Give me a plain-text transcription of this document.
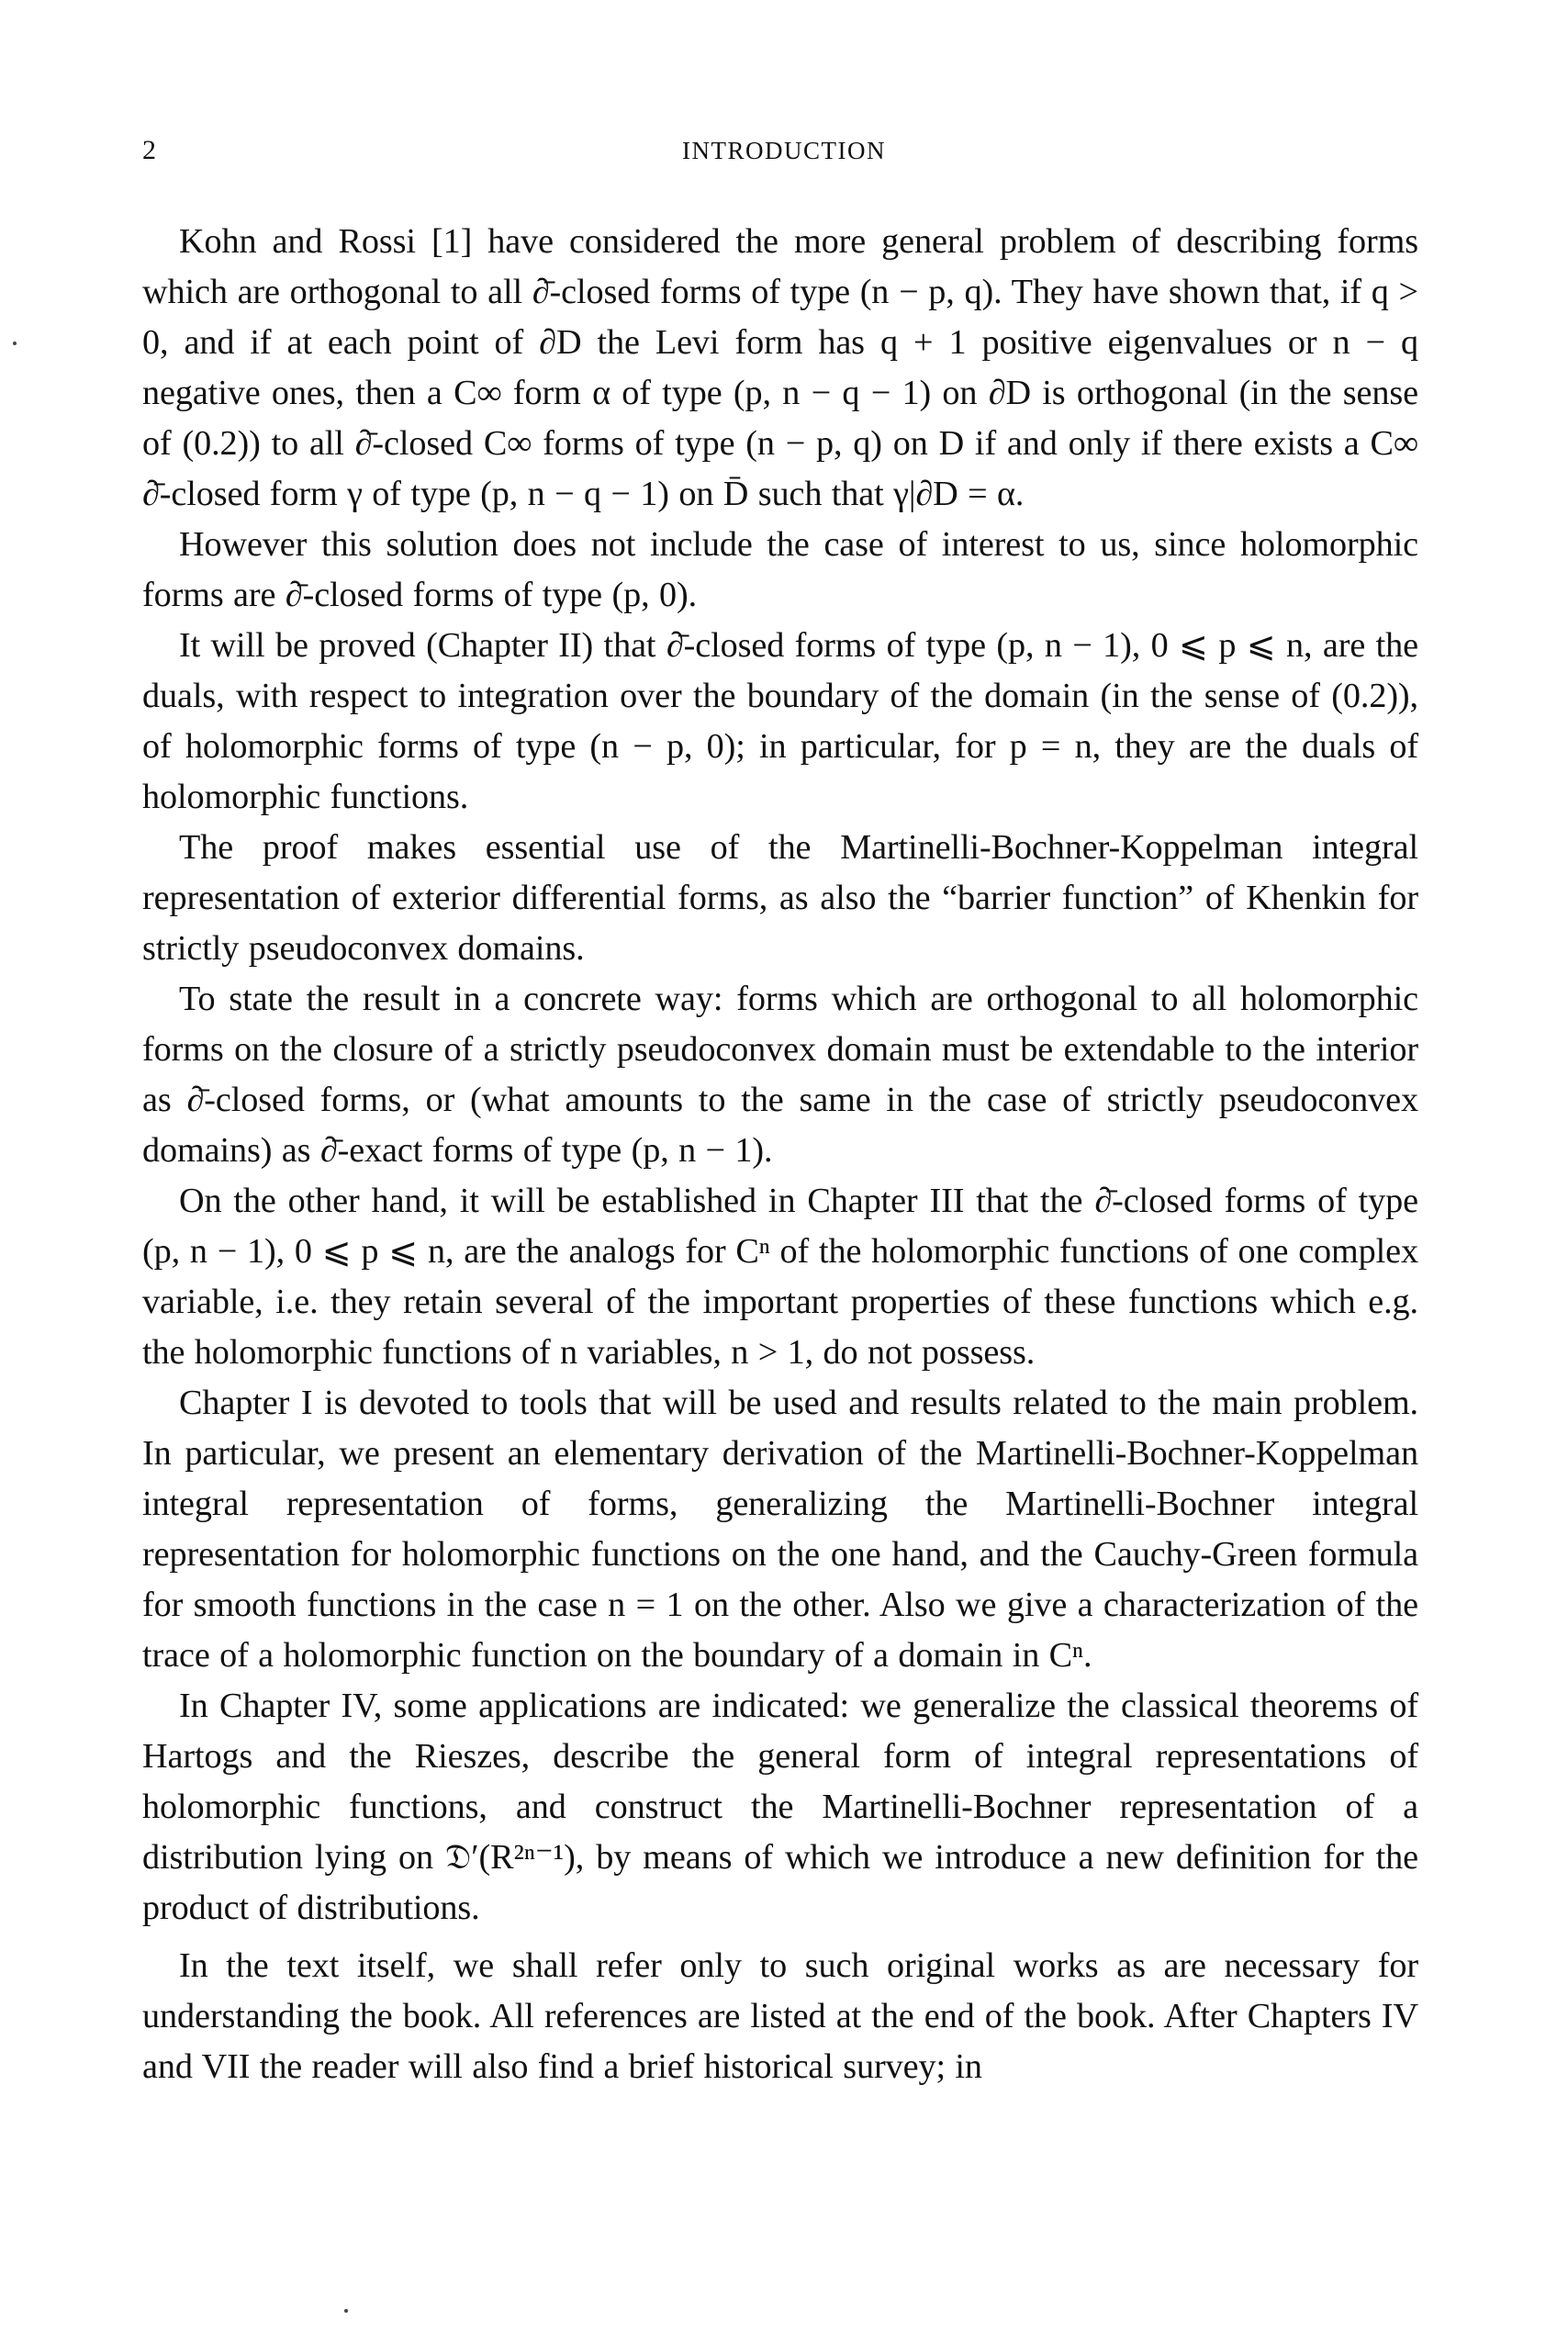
2	INTRODUCTION

Kohn and Rossi [1] have considered the more general problem of describing forms which are orthogonal to all ∂̄-closed forms of type (n − p, q). They have shown that, if q > 0, and if at each point of ∂D the Levi form has q + 1 positive eigenvalues or n − q negative ones, then a C∞ form α of type (p, n − q − 1) on ∂D is orthogonal (in the sense of (0.2)) to all ∂̄-closed C∞ forms of type (n − p, q) on D if and only if there exists a C∞ ∂̄-closed form γ of type (p, n − q − 1) on D̄ such that γ|∂D = α.

However this solution does not include the case of interest to us, since holomorphic forms are ∂̄-closed forms of type (p, 0).

It will be proved (Chapter II) that ∂̄-closed forms of type (p, n − 1), 0 ⩽ p ⩽ n, are the duals, with respect to integration over the boundary of the domain (in the sense of (0.2)), of holomorphic forms of type (n − p, 0); in particular, for p = n, they are the duals of holomorphic functions.

The proof makes essential use of the Martinelli-Bochner-Koppelman integral representation of exterior differential forms, as also the “barrier function” of Khenkin for strictly pseudoconvex domains.

To state the result in a concrete way: forms which are orthogonal to all holomorphic forms on the closure of a strictly pseudoconvex domain must be extendable to the interior as ∂̄-closed forms, or (what amounts to the same in the case of strictly pseudoconvex domains) as ∂̄-exact forms of type (p, n − 1).

On the other hand, it will be established in Chapter III that the ∂̄-closed forms of type (p, n − 1), 0 ⩽ p ⩽ n, are the analogs for Cⁿ of the holomorphic functions of one complex variable, i.e. they retain several of the important properties of these functions which e.g. the holomorphic functions of n variables, n > 1, do not possess.

Chapter I is devoted to tools that will be used and results related to the main problem. In particular, we present an elementary derivation of the Martinelli-Bochner-Koppelman integral representation of forms, generalizing the Martinelli-Bochner integral representation for holomorphic functions on the one hand, and the Cauchy-Green formula for smooth functions in the case n = 1 on the other. Also we give a characterization of the trace of a holomorphic function on the boundary of a domain in Cⁿ.

In Chapter IV, some applications are indicated: we generalize the classical theorems of Hartogs and the Rieszes, describe the general form of integral representations of holomorphic functions, and construct the Martinelli-Bochner representation of a distribution lying on 𝔇′(R²ⁿ⁻¹), by means of which we introduce a new definition for the product of distributions.

In the text itself, we shall refer only to such original works as are necessary for understanding the book. All references are listed at the end of the book. After Chapters IV and VII the reader will also find a brief historical survey; in
